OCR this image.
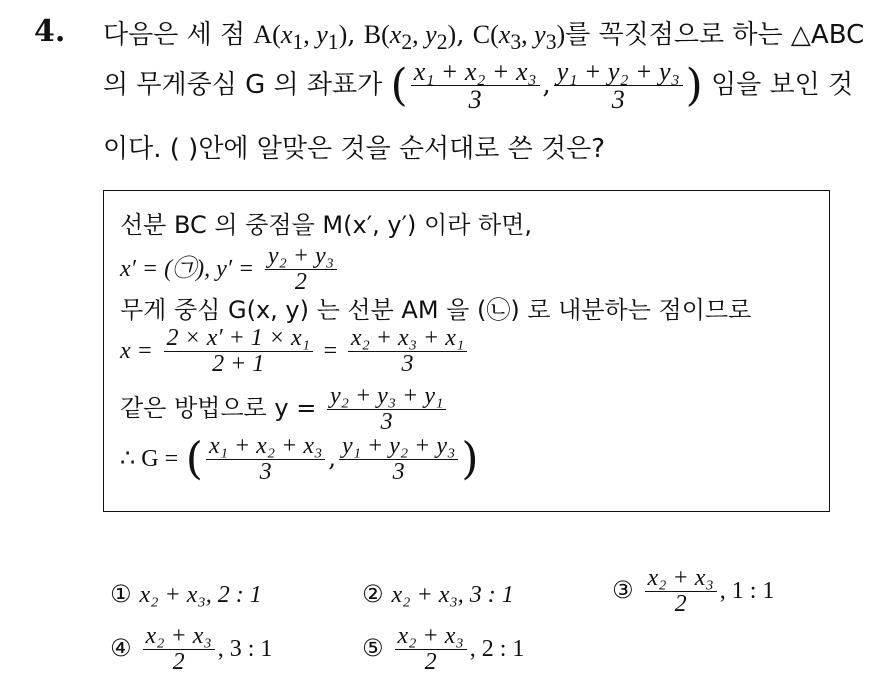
4. 다음은 세 점 $A(x_1$, $y_1$), $B(x_2$, $y_2$), $C(x_3$, $y_3$)를 꼭짓점으로 하는 △ABC
의 무게중심 G 의 좌표가 ( $\frac{\text{x₁ + x₂ + x₃}}{3}$ , $\frac{\text{y₁ + y₂ + y₃}}{3}$ ) 임을 보인 것
이다. ( )안에 알맞은 것을 순서대로 쓴 것은?
선분 BC 의 중점을 M(x′, y′) 이라 하면,
x′ = (㉠), $y' = \frac{\text{y₂ + y₃}}{2}$
무게 중심 G(x, y) 는 선분 AM 을 (㉡) 로 내분하는 점이므로
$x = \frac{\text{2 × x′ + 1 × x₁}}{2 + 1} = \frac{\text{x₂ + x₃ + x₁}}{3}$
같은 방법으로 $y = \frac{\text{y₂ + y₃ + y₁}}{3}$
∴ G = ( $\frac{\text{x₁ + x₂ + x₃}}{3}$ , $\frac{\text{y₁ + y₂ + y₃}}{3}$ )
① x₂ + x₃, 2 : 1	② x₂ + x₃, 3 : 1	③ $\frac{\text{x₂ + x₃}}{2}$ , 1 : 1
④ $\frac{\text{x₂ + x₃}}{2}$ , 3 : 1	⑤ $\frac{\text{x₂ + x₃}}{2}$ , 2 : 1
